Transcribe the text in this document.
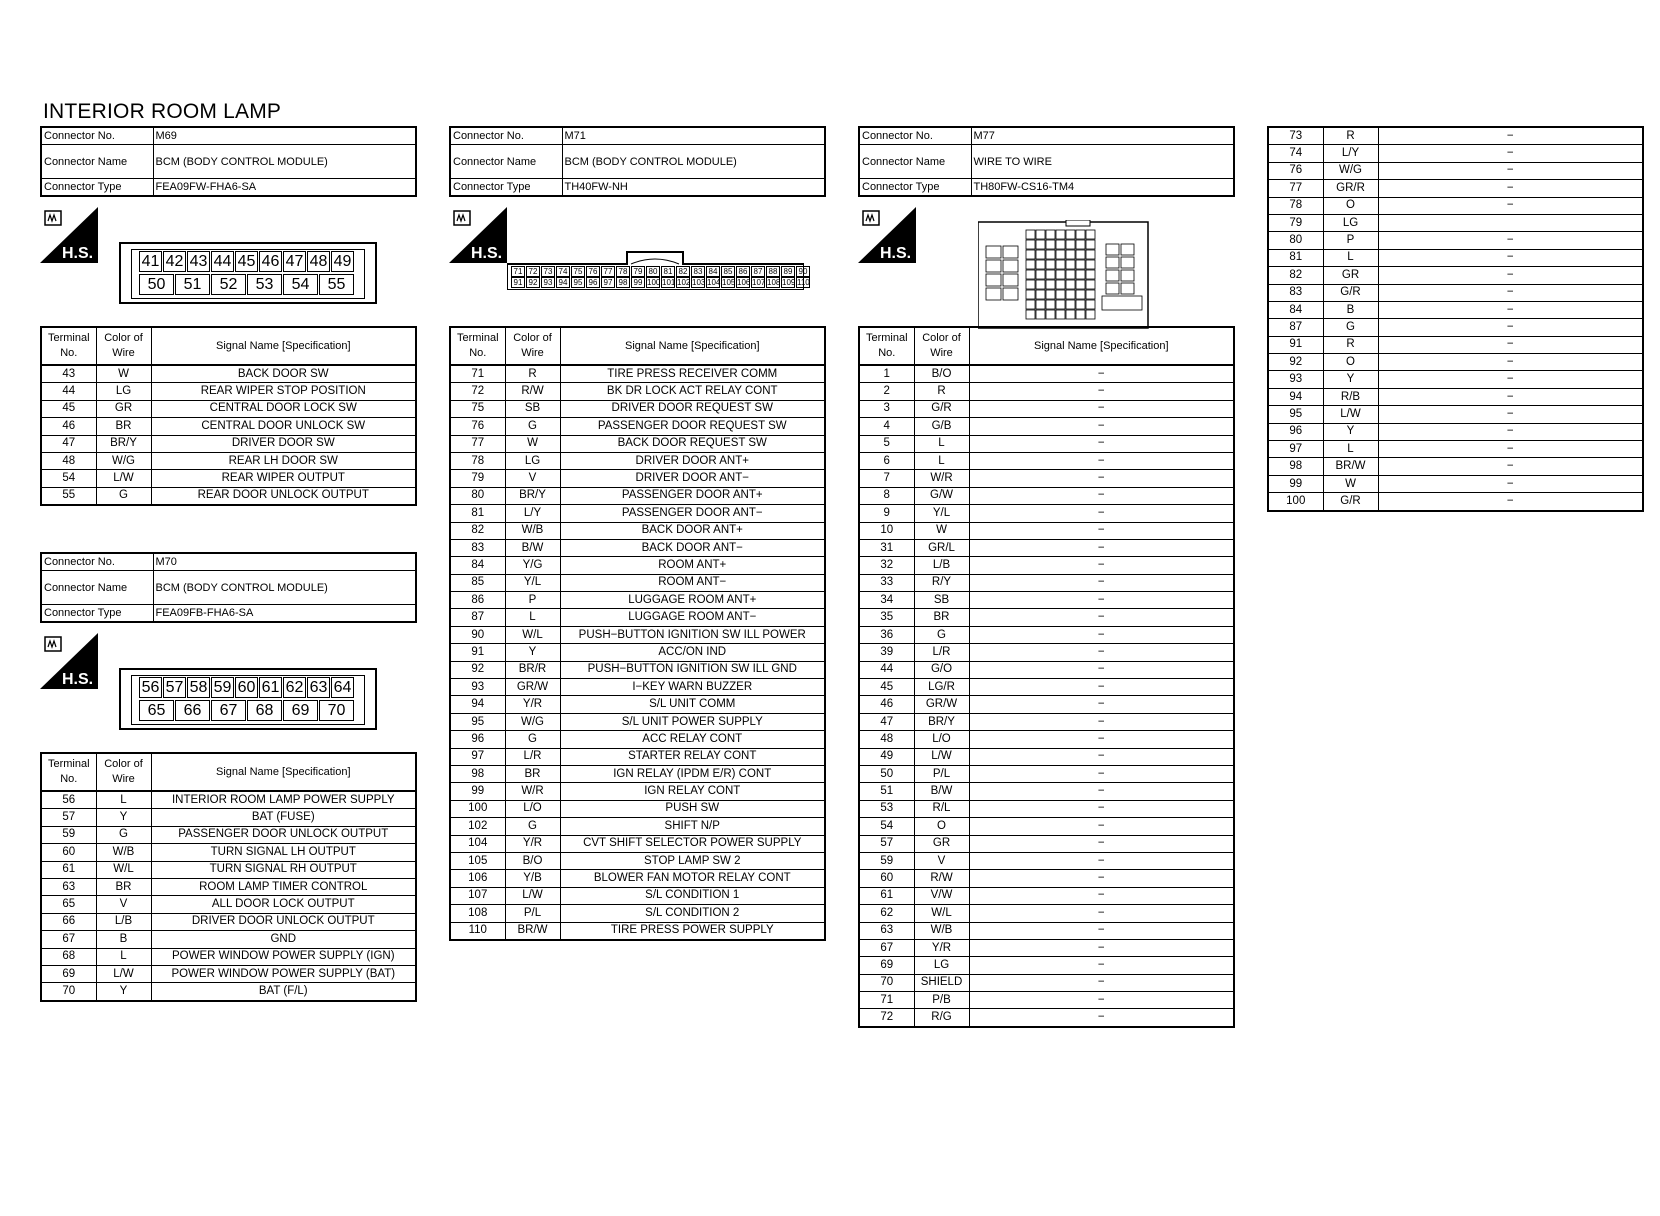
INTERIOR ROOM LAMP
Connector No.	M69
Connector Name	BCM (BODY CONTROL MODULE)
Connector Type	FEA09FW-FHA6-SA
H.S.	41 42 43 44 45 46 47 48 49
50	51	52	53	54	55
Terminal No.	Color of Wire	Signal Name [Specification]
43	W	BACK DOOR SW
44	LG	REAR WIPER STOP POSITION
45	GR	CENTRAL DOOR LOCK SW
46	BR	CENTRAL DOOR UNLOCK SW
47	BR/Y	DRIVER DOOR SW
48	W/G	REAR LH DOOR SW
54	L/W	REAR WIPER OUTPUT
55	G	REAR DOOR UNLOCK OUTPUT
Connector No.	M70
Connector Name	BCM (BODY CONTROL MODULE)
Connector Type	FEA09FB-FHA6-SA
H.S.	56 57 58 59 60 61 62 63 64
65	66	67	68	69	70
Terminal No.	Color of Wire	Signal Name [Specification]
56	L	INTERIOR ROOM LAMP POWER SUPPLY
57	Y	BAT (FUSE)
59	G	PASSENGER DOOR UNLOCK OUTPUT
60	W/B	TURN SIGNAL LH OUTPUT
61	W/L	TURN SIGNAL RH OUTPUT
63	BR	ROOM LAMP TIMER CONTROL
65	V	ALL DOOR LOCK OUTPUT
66	L/B	DRIVER DOOR UNLOCK OUTPUT
67	B	GND
68	L	POWER WINDOW POWER SUPPLY (IGN)
69	L/W	POWER WINDOW POWER SUPPLY (BAT)
70	Y	BAT (F/L)
Connector No.	M71
Connector Name	BCM (BODY CONTROL MODULE)
Connector Type	TH40FW-NH
H.S.
71 72 73 74 75 76 77 78 79 80 81 82 83 84 85 86 87 88 89 90
91 92 93 94 95 96 97 98 99 100 101 102 103 104 105 106 107 108 109 110
Terminal No.	Color of Wire	Signal Name [Specification]
71	R	TIRE PRESS RECEIVER COMM
72	R/W	BK DR LOCK ACT RELAY CONT
75	SB	DRIVER DOOR REQUEST SW
76	G	PASSENGER DOOR REQUEST SW
77	W	BACK DOOR REQUEST SW
78	LG	DRIVER DOOR ANT+
79	V	DRIVER DOOR ANT−
80	BR/Y	PASSENGER DOOR ANT+
81	L/Y	PASSENGER DOOR ANT−
82	W/B	BACK DOOR ANT+
83	B/W	BACK DOOR ANT−
84	Y/G	ROOM ANT+
85	Y/L	ROOM ANT−
86	P	LUGGAGE ROOM ANT+
87	L	LUGGAGE ROOM ANT−
90	W/L	PUSH−BUTTON IGNITION SW ILL POWER
91	Y	ACC/ON IND
92	BR/R	PUSH−BUTTON IGNITION SW ILL GND
93	GR/W	I−KEY WARN BUZZER
94	Y/R	S/L UNIT COMM
95	W/G	S/L UNIT POWER SUPPLY
96	G	ACC RELAY CONT
97	L/R	STARTER RELAY CONT
98	BR	IGN RELAY (IPDM E/R) CONT
99	W/R	IGN RELAY CONT
100	L/O	PUSH SW
102	G	SHIFT N/P
104	Y/R	CVT SHIFT SELECTOR POWER SUPPLY
105	B/O	STOP LAMP SW 2
106	Y/B	BLOWER FAN MOTOR RELAY CONT
107	L/W	S/L CONDITION 1
108	P/L	S/L CONDITION 2
110	BR/W	TIRE PRESS POWER SUPPLY
Connector No.	M77
Connector Name	WIRE TO WIRE
Connector Type	TH80FW-CS16-TM4
H.S.
Terminal No.	Color of Wire	Signal Name [Specification]
1	B/O	−
2	R	−
3	G/R	−
4	G/B	−
5	L	−
6	L	−
7	W/R	−
8	G/W	−
9	Y/L	−
10	W	−
31	GR/L	−
32	L/B	−
33	R/Y	−
34	SB	−
35	BR	−
36	G	−
39	L/R	−
44	G/O	−
45	LG/R	−
46	GR/W	−
47	BR/Y	−
48	L/O	−
49	L/W	−
50	P/L	−
51	B/W	−
53	R/L	−
54	O	−
57	GR	−
59	V	−
60	R/W	−
61	V/W	−
62	W/L	−
63	W/B	−
67	Y/R	−
69	LG	−
70	SHIELD	−
71	P/B	−
72	R/G	−
73	R	−
74	L/Y	−
76	W/G	−
77	GR/R	−
78	O	−
79	LG	
80	P	−
81	L	−
82	GR	−
83	G/R	−
84	B	−
87	G	−
91	R	−
92	O	−
93	Y	−
94	R/B	−
95	L/W	−
96	Y	−
97	L	−
98	BR/W	−
99	W	−
100	G/R	−
